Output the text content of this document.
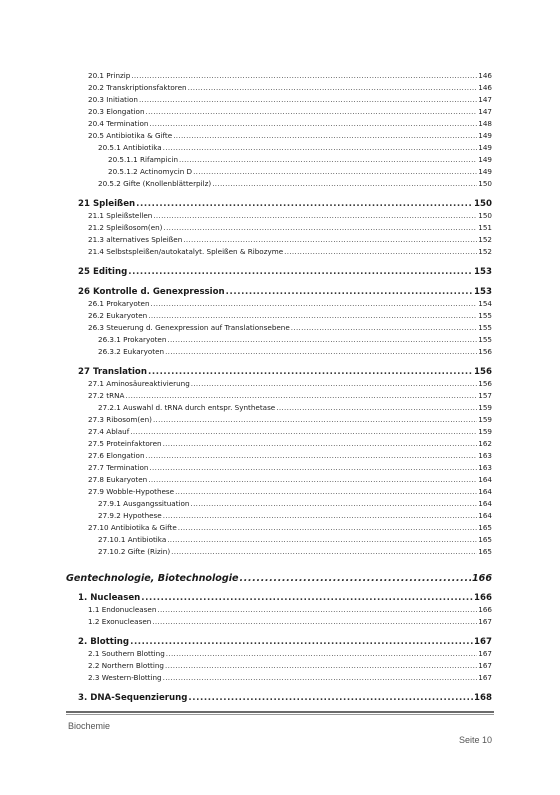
20.1 Prinzip .....	146
20.2 Transkriptionsfaktoren .....	146
20.3 Initiation .....	147
20.3 Elongation .....	147
20.4 Termination .....	148
20.5 Antibiotika & Gifte .....	149
20.5.1 Antibiotika .....	149
20.5.1.1 Rifampicin .....	149
20.5.1.2 Actinomycin D .....	149
20.5.2 Gifte (Knollenblätterpilz) .....	150
21 Spleißen .....	150
21.1 Spleißstellen .....	150
21.2 Spleißosom(en) .....	151
21.3 alternatives Spleißen .....	152
21.4 Selbstspleißen/autokatalyt. Spleißen & Ribozyme .....	152
25 Editing .....	153
26 Kontrolle d. Genexpression .....	153
26.1 Prokaryoten .....	154
26.2 Eukaryoten .....	155
26.3 Steuerung d. Genexpression auf Translationsebene .....	155
26.3.1 Prokaryoten .....	155
26.3.2 Eukaryoten .....	156
27 Translation .....	156
27.1 Aminosäureaktivierung .....	156
27.2 tRNA .....	157
27.2.1 Auswahl d. tRNA durch entspr. Synthetase .....	159
27.3 Ribosom(en) .....	159
27.4 Ablauf .....	159
27.5 Proteinfaktoren .....	162
27.6 Elongation .....	163
27.7 Termination .....	163
27.8 Eukaryoten .....	164
27.9 Wobble-Hypothese .....	164
27.9.1 Ausgangssituation .....	164
27.9.2 Hypothese .....	164
27.10 Antibiotika & Gifte .....	165
27.10.1 Antibiotika .....	165
27.10.2 Gifte (Rizin) .....	165
Gentechnologie, Biotechnologie .....	166
1. Nucleasen .....	166
1.1 Endonucleasen .....	166
1.2 Exonucleasen .....	167
2. Blotting .....	167
2.1 Southern Blotting .....	167
2.2 Northern Blotting .....	167
2.3 Western-Blotting .....	167
3. DNA-Sequenzierung .....	168
Biochemie
Seite 10
